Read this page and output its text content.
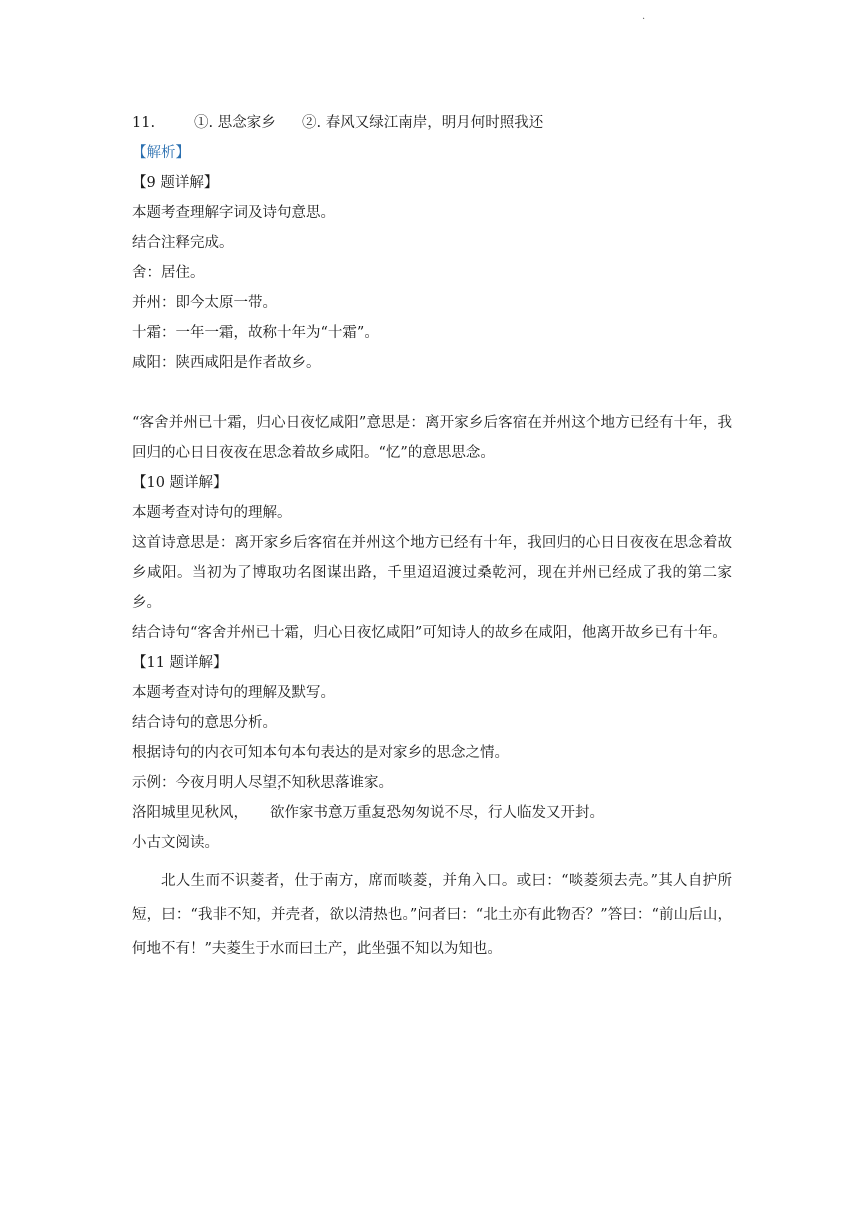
·
11.	①. 思念家乡 ②. 春风又绿江南岸，明月何时照我还
【解析】
【9 题详解】
本题考查理解字词及诗句意思。
结合注释完成。
舍：居住。
并州：即今太原一带。
十霜：一年一霜，故称十年为“十霜”。
咸阳：陕西咸阳是作者故乡。
“客舍并州已十霜，归心日夜忆咸阳”意思是：离开家乡后客宿在并州这个地方已经有十年，我回归的心日日夜夜在思念着故乡咸阳。“忆”的意思思念。
【10 题详解】
本题考查对诗句的理解。
这首诗意思是：离开家乡后客宿在并州这个地方已经有十年，我回归的心日日夜夜在思念着故乡咸阳。当初为了博取功名图谋出路，千里迢迢渡过桑乾河，现在并州已经成了我的第二家乡。
结合诗句“客舍并州已十霜，归心日夜忆咸阳”可知诗人的故乡在咸阳，他离开故乡已有十年。
【11 题详解】
本题考查对诗句的理解及默写。
结合诗句的意思分析。
根据诗句的内衣可知本句本句表达的是对家乡的思念之情。
示例：今夜月明人尽望，不知秋思落谁家。
洛阳城里见秋风， 欲作家书意万重。复恐匆匆说不尽，行人临发又开封。
小古文阅读。
北人生而不识菱者，仕于南方，席而啖菱，并角入口。或曰：“啖菱须去壳。”其人自护所短，曰：“我非不知，并壳者，欲以清热也。”问者曰：“北土亦有此物否？”答曰：“前山后山，何地不有！”夫菱生于水而曰土产，此坐强不知以为知也。
